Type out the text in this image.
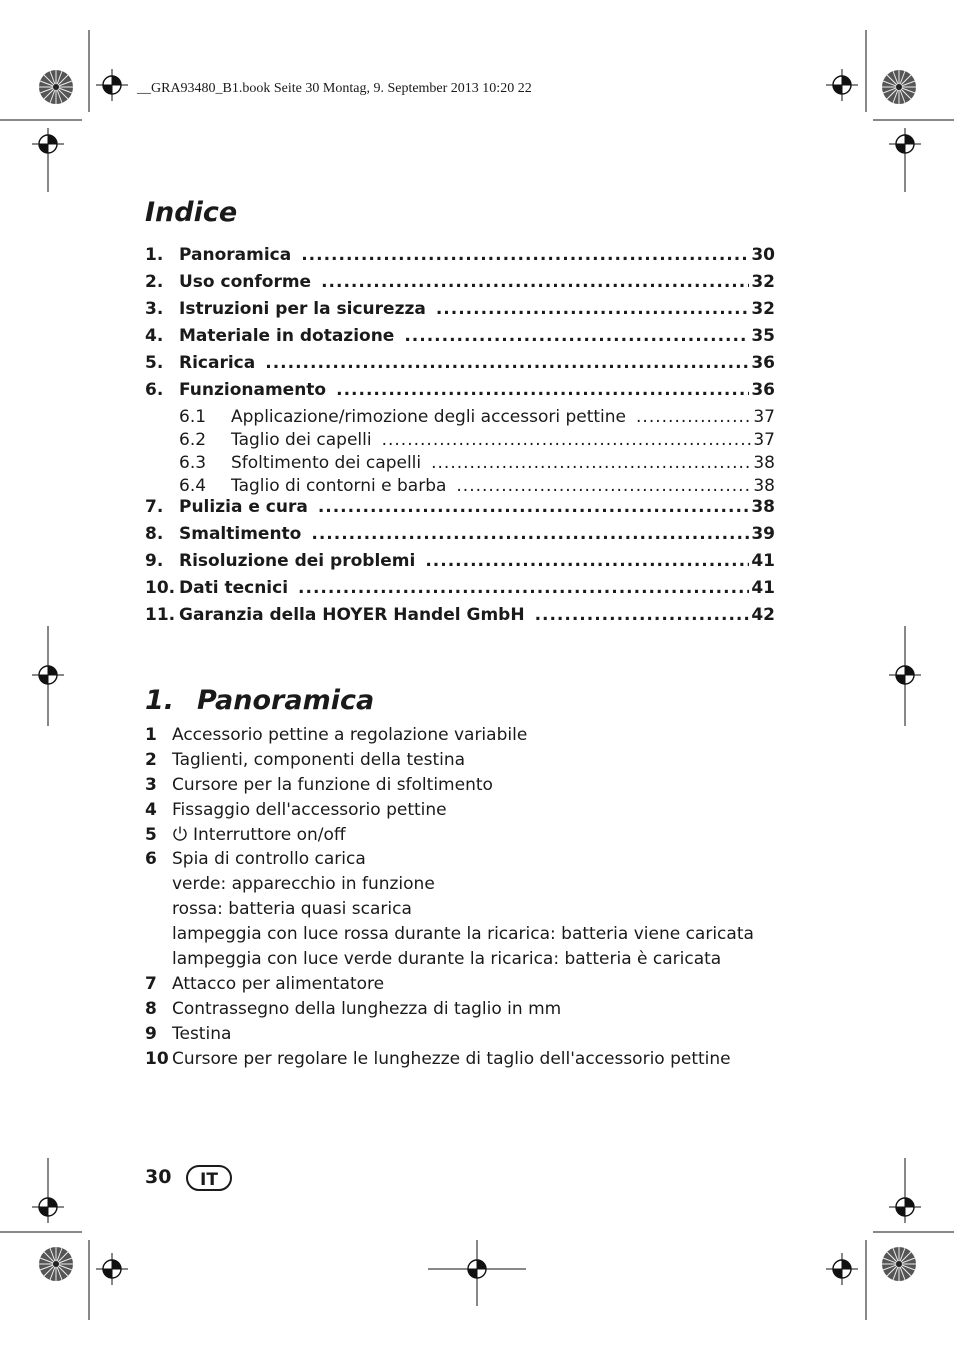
__GRA93480_B1.book Seite 30 Montag, 9. September 2013 10:20 22
Indice
1. Panoramica .....	30
2. Uso conforme .....	32
3. Istruzioni per la sicurezza .....	32
4. Materiale in dotazione .....	35
5. Ricarica .....	36
6. Funzionamento .....	36
6.1	Applicazione/rimozione degli accessori pettine .....	37
6.2	Taglio dei capelli .....	37
6.3	Sfoltimento dei capelli .....	38
6.4	Taglio di contorni e barba .....	38
7. Pulizia e cura .....	38
8. Smaltimento .....	39
9. Risoluzione dei problemi .....	41
10. Dati tecnici .....	41
11. Garanzia della HOYER Handel GmbH .....	42
1. Panoramica
1 Accessorio pettine a regolazione variabile
2 Taglienti, componenti della testina
3 Cursore per la funzione di sfoltimento
4 Fissaggio dell'accessorio pettine
5 Interruttore on/off
6 Spia di controllo carica
verde: apparecchio in funzione
rossa: batteria quasi scarica
lampeggia con luce rossa durante la ricarica: batteria viene caricata
lampeggia con luce verde durante la ricarica: batteria è caricata
7 Attacco per alimentatore
8 Contrassegno della lunghezza di taglio in mm
9 Testina
10 Cursore per regolare le lunghezze di taglio dell'accessorio pettine
30	IT
